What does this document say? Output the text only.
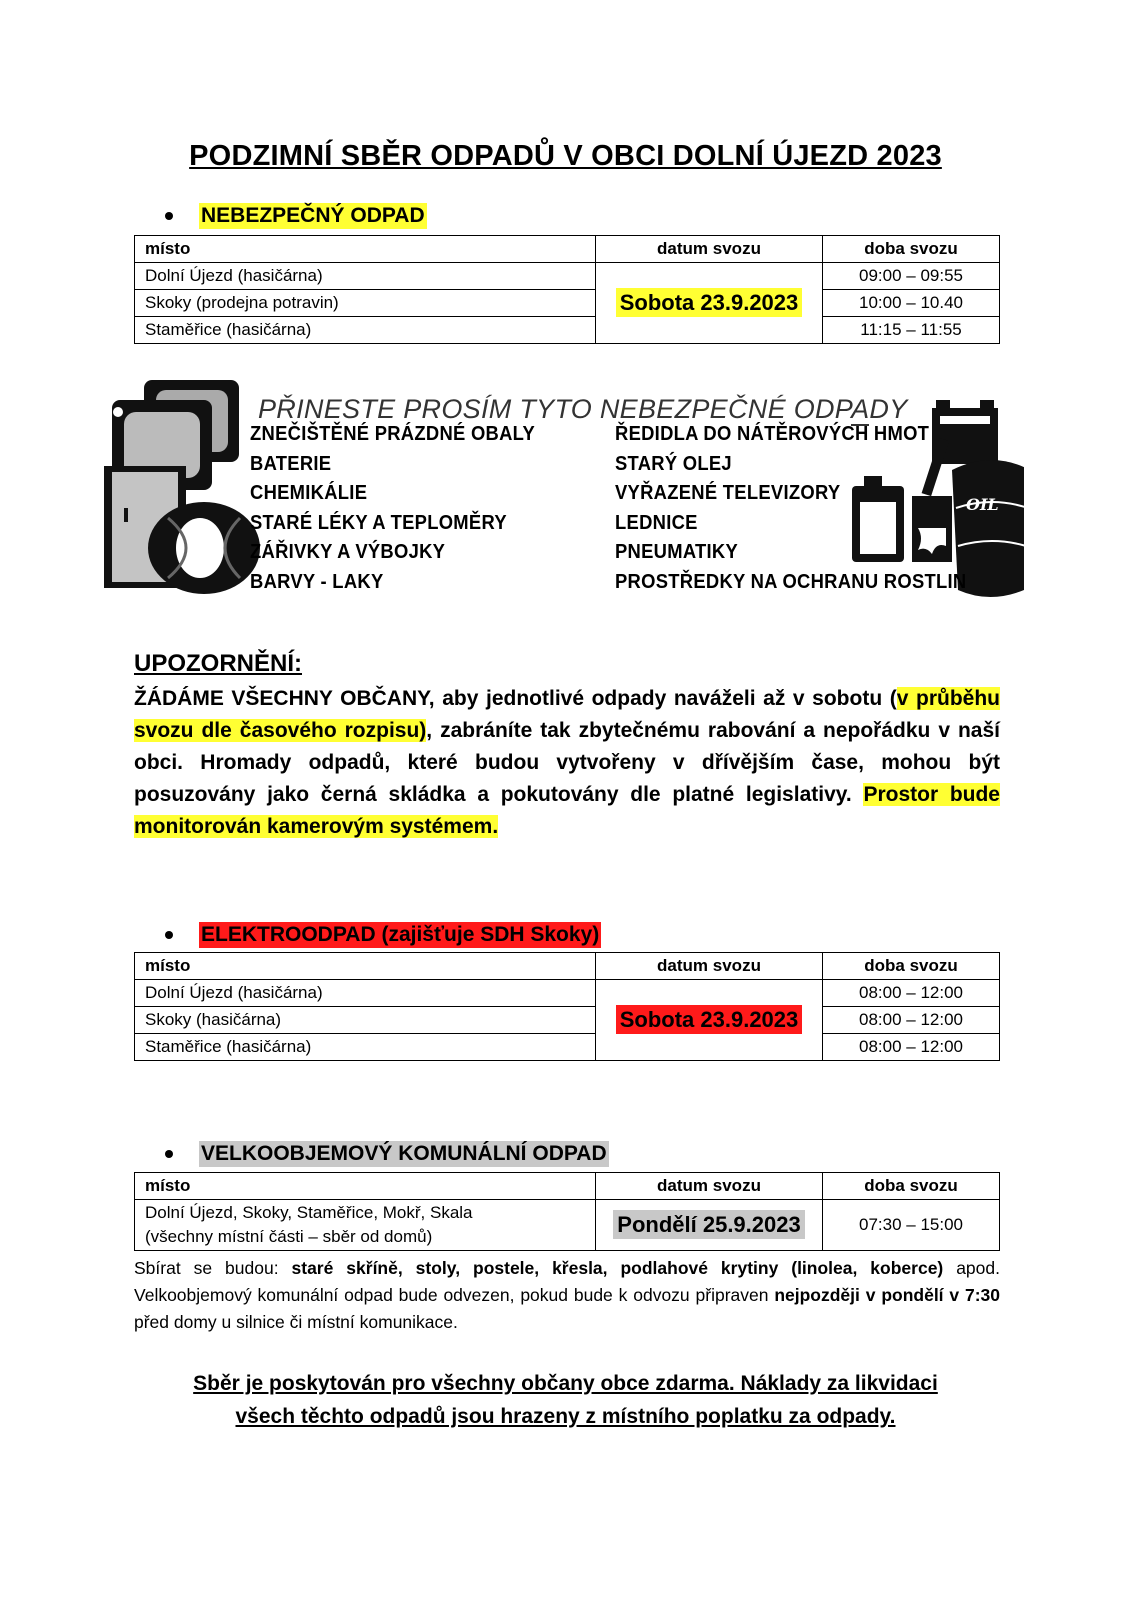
PODZIMNÍ SBĚR ODPADŮ V OBCI DOLNÍ ÚJEZD 2023
NEBEZPEČNÝ ODPAD
místo	datum svozu	doba svozu
Dolní Újezd (hasičárna)	Sobota 23.9.2023	09:00 – 09:55
Skoky (prodejna potravin)		10:00 – 10.40
Staměřice (hasičárna)		11:15 – 11:55
OIL
PŘINESTE PROSÍM TYTO NEBEZPEČNÉ ODPADY
ZNEČIŠTĚNÉ PRÁZDNÉ OBALY
BATERIE
CHEMIKÁLIE
STARÉ LÉKY A TEPLOMĚRY
ZÁŘIVKY A VÝBOJKY
BARVY - LAKY
ŘEDIDLA DO NÁTĚROVÝCH HMOT
STARÝ OLEJ
VYŘAZENÉ TELEVIZORY
LEDNICE
PNEUMATIKY
PROSTŘEDKY NA OCHRANU ROSTLIN
UPOZORNĚNÍ:
ŽÁDÁME VŠECHNY OBČANY, aby jednotlivé odpady naváželi až v sobotu (v průběhu svozu dle časového rozpisu), zabráníte tak zbytečnému rabování a nepořádku v naší obci. Hromady odpadů, které budou vytvořeny v dřívějším čase, mohou být posuzovány jako černá skládka a pokutovány dle platné legislativy. Prostor bude monitorován kamerovým systémem.
ELEKTROODPAD (zajišťuje SDH Skoky)
místo	datum svozu	doba svozu
Dolní Újezd (hasičárna)	Sobota 23.9.2023	08:00 – 12:00
Skoky (hasičárna)		08:00 – 12:00
Staměřice (hasičárna)		08:00 – 12:00
VELKOOBJEMOVÝ KOMUNÁLNÍ ODPAD
místo	datum svozu	doba svozu

Dolní Újezd, Skoky, Staměřice, Mokř, Skala
(všechny místní části – sběr od domů)	Pondělí 25.9.2023	07:30 – 15:00
Sbírat se budou: staré skříně, stoly, postele, křesla, podlahové krytiny (linolea, koberce) apod. Velkoobjemový komunální odpad bude odvezen, pokud bude k odvozu připraven nejpozději v pondělí v 7:30 před domy u silnice či místní komunikace.
Sběr je poskytován pro všechny občany obce zdarma. Náklady za likvidaci
všech těchto odpadů jsou hrazeny z místního poplatku za odpady.
